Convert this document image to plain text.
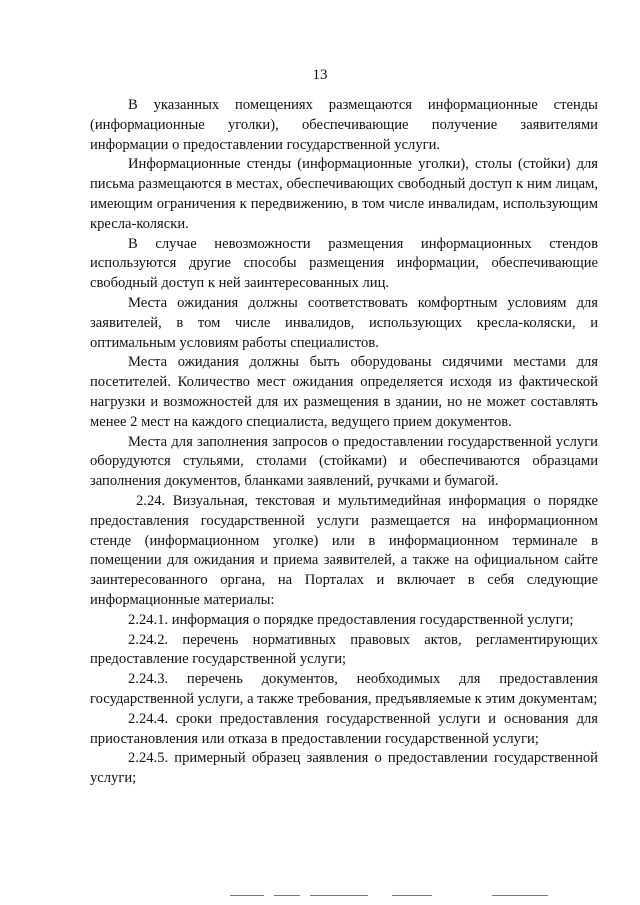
13

В указанных помещениях размещаются информационные стенды (информационные уголки), обеспечивающие получение заявителями информации о предоставлении государственной услуги.

Информационные стенды (информационные уголки), столы (стойки) для письма размещаются в местах, обеспечивающих свободный доступ к ним лицам, имеющим ограничения к передвижению, в том числе инвалидам, использующим кресла-коляски.

В случае невозможности размещения информационных стендов используются другие способы размещения информации, обеспечивающие свободный доступ к ней заинтересованных лиц.

Места ожидания должны соответствовать комфортным условиям для заявителей, в том числе инвалидов, использующих кресла-коляски, и оптимальным условиям работы специалистов.

Места ожидания должны быть оборудованы сидячими местами для посетителей. Количество мест ожидания определяется исходя из фактической нагрузки и возможностей для их размещения в здании, но не может составлять менее 2 мест на каждого специалиста, ведущего прием документов.

Места для заполнения запросов о предоставлении государственной услуги оборудуются стульями, столами (стойками) и обеспечиваются образцами заполнения документов, бланками заявлений, ручками и бумагой.

2.24. Визуальная, текстовая и мультимедийная информация о порядке предоставления государственной услуги размещается на информационном стенде (информационном уголке) или в информационном терминале в помещении для ожидания и приема заявителей, а также на официальном сайте заинтересованного органа, на Порталах и включает в себя следующие информационные материалы:

2.24.1. информация о порядке предоставления государственной услуги;

2.24.2. перечень нормативных правовых актов, регламентирующих предоставление государственной услуги;

2.24.3. перечень документов, необходимых для предоставления государственной услуги, а также требования, предъявляемые к этим документам;

2.24.4. сроки предоставления государственной услуги и основания для приостановления или отказа в предоставлении государственной услуги;

2.24.5. примерный образец заявления о предоставлении государственной услуги;
